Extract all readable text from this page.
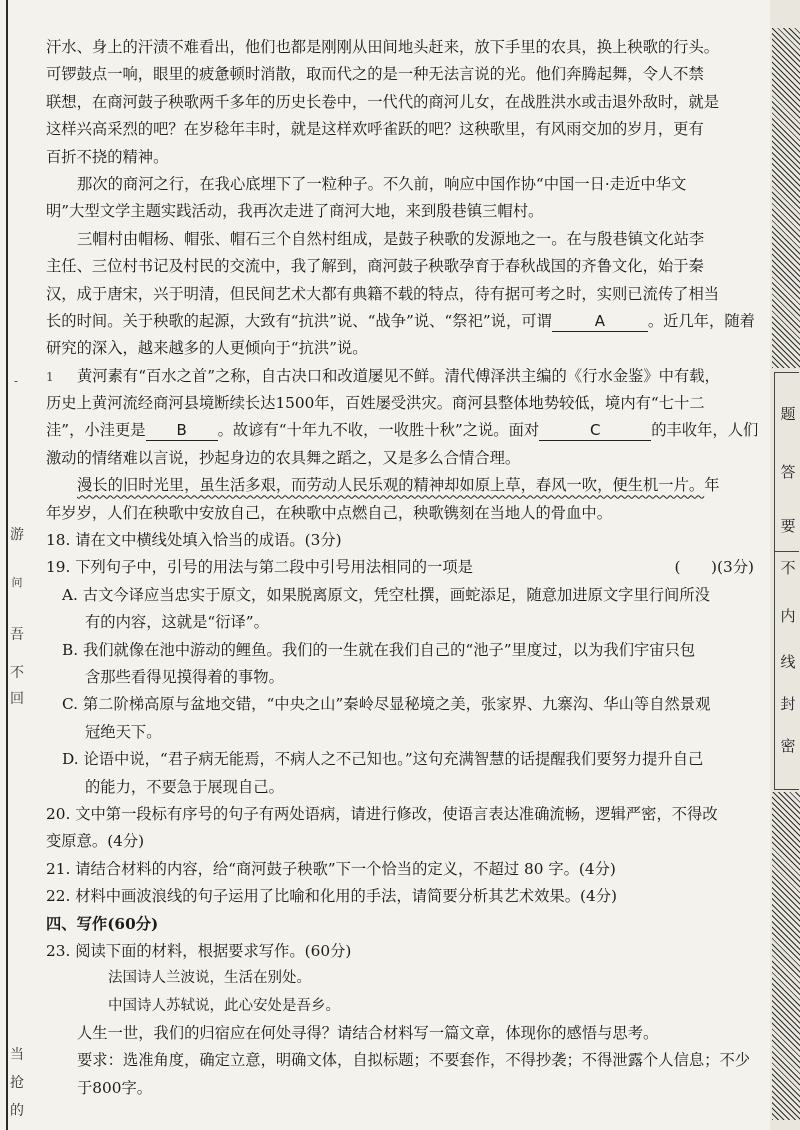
-
游
问
吾
不
回
当
抢
的
汗水、身上的汗渍不难看出，他们也都是刚刚从田间地头赶来，放下手里的农具，换上秧歌的行头。
可锣鼓点一响，眼里的疲惫顿时消散，取而代之的是一种无法言说的光。他们奔腾起舞，令人不禁
联想，在商河鼓子秧歌两千多年的历史长卷中，一代代的商河儿女，在战胜洪水或击退外敌时，就是
这样兴高采烈的吧？在岁稔年丰时，就是这样欢呼雀跃的吧？这秧歌里，有风雨交加的岁月，更有
百折不挠的精神。
那次的商河之行，在我心底埋下了一粒种子。不久前，响应中国作协“中国一日·走近中华文
明”大型文学主题实践活动，我再次走进了商河大地，来到殷巷镇三帽村。
三帽村由帽杨、帽张、帽石三个自然村组成，是鼓子秧歌的发源地之一。在与殷巷镇文化站李
主任、三位村书记及村民的交流中，我了解到，商河鼓子秧歌孕育于春秋战国的齐鲁文化，始于秦
汉，成于唐宋，兴于明清，但民间艺术大都有典籍不载的特点，待有据可考之时，实则已流传了相当
长的时间。关于秧歌的起源，大致有“抗洪”说、“战争”说、“祭祀”说，可谓	A	。近几年，随着
研究的深入，越来越多的人更倾向于“抗洪”说。
1 黄河素有“百水之首”之称，自古决口和改道屡见不鲜。清代傅泽洪主编的《行水金鉴》中有载，
历史上黄河流经商河县境断续长达1500年，百姓屡受洪灾。商河县整体地势较低，境内有“七十二
洼”，小洼更是 B 。故谚有“十年九不收，一收胜十秋”之说。面对	C	的丰收年，人们
激动的情绪难以言说，抄起身边的农具舞之蹈之，又是多么合情合理。
漫长的旧时光里，虽生活多艰，而劳动人民乐观的精神却如原上草，春风一吹，便生机一片。年
年岁岁，人们在秧歌中安放自己，在秧歌中点燃自己，秧歌镌刻在当地人的骨血中。
18. 请在文中横线处填入恰当的成语。(3分)
19. 下列句子中，引号的用法与第二段中引号用法相同的一项是	(　　)(3分)
A. 古文今译应当忠实于原文，如果脱离原文，凭空杜撰，画蛇添足，随意加进原文字里行间所没
有的内容，这就是“衍译”。
B. 我们就像在池中游动的鲤鱼。我们的一生就在我们自己的“池子”里度过，以为我们宇宙只包
含那些看得见摸得着的事物。
C. 第二阶梯高原与盆地交错，“中央之山”秦岭尽显秘境之美，张家界、九寨沟、华山等自然景观
冠绝天下。
D. 论语中说，“君子病无能焉，不病人之不己知也。”这句充满智慧的话提醒我们要努力提升自己
的能力，不要急于展现自己。
20. 文中第一段标有序号的句子有两处语病，请进行修改，使语言表达准确流畅，逻辑严密，不得改
变原意。(4分)
21. 请结合材料的内容，给“商河鼓子秧歌”下一个恰当的定义，不超过 80 字。(4分)
22. 材料中画波浪线的句子运用了比喻和化用的手法，请简要分析其艺术效果。(4分)
四、写作(60分)
23. 阅读下面的材料，根据要求写作。(60分)
法国诗人兰波说，生活在别处。
中国诗人苏轼说，此心安处是吾乡。
人生一世，我们的归宿应在何处寻得？请结合材料写一篇文章，体现你的感悟与思考。
要求：选准角度，确定立意，明确文体，自拟标题；不要套作，不得抄袭；不得泄露个人信息；不少
于800字。
题
答
要
不
内
线
封
密
